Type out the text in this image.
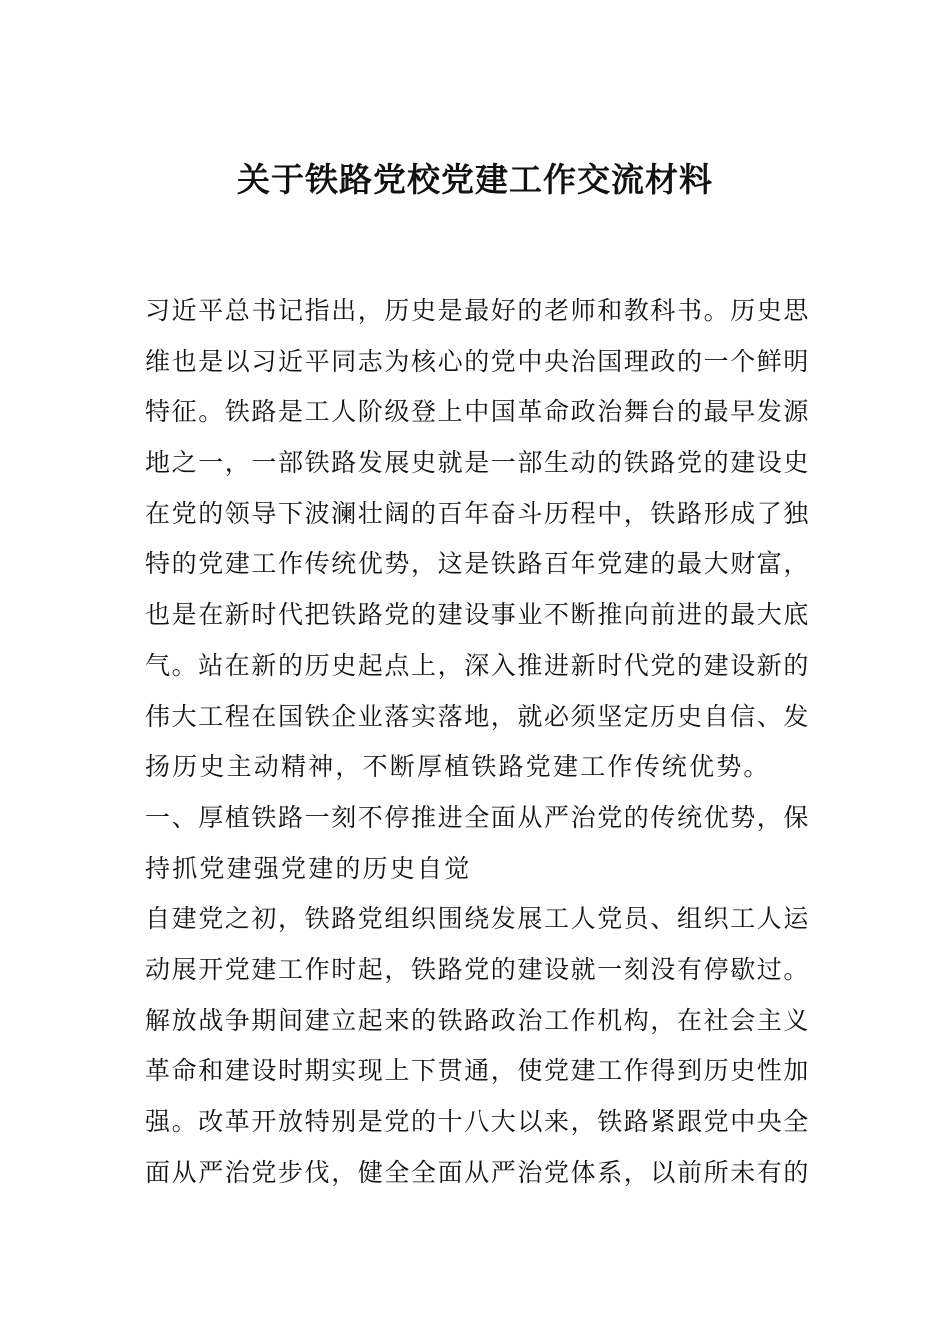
关于铁路党校党建工作交流材料
习近平总书记指出，历史是最好的老师和教科书。历史思
维也是以习近平同志为核心的党中央治国理政的一个鲜明
特征。铁路是工人阶级登上中国革命政治舞台的最早发源
地之一，一部铁路发展史就是一部生动的铁路党的建设史
在党的领导下波澜壮阔的百年奋斗历程中，铁路形成了独
特的党建工作传统优势，这是铁路百年党建的最大财富，
也是在新时代把铁路党的建设事业不断推向前进的最大底
气。站在新的历史起点上，深入推进新时代党的建设新的
伟大工程在国铁企业落实落地，就必须坚定历史自信、发
扬历史主动精神，不断厚植铁路党建工作传统优势。
一、厚植铁路一刻不停推进全面从严治党的传统优势，保
持抓党建强党建的历史自觉
自建党之初，铁路党组织围绕发展工人党员、组织工人运
动展开党建工作时起，铁路党的建设就一刻没有停歇过。
解放战争期间建立起来的铁路政治工作机构，在社会主义
革命和建设时期实现上下贯通，使党建工作得到历史性加
强。改革开放特别是党的十八大以来，铁路紧跟党中央全
面从严治党步伐，健全全面从严治党体系，以前所未有的
